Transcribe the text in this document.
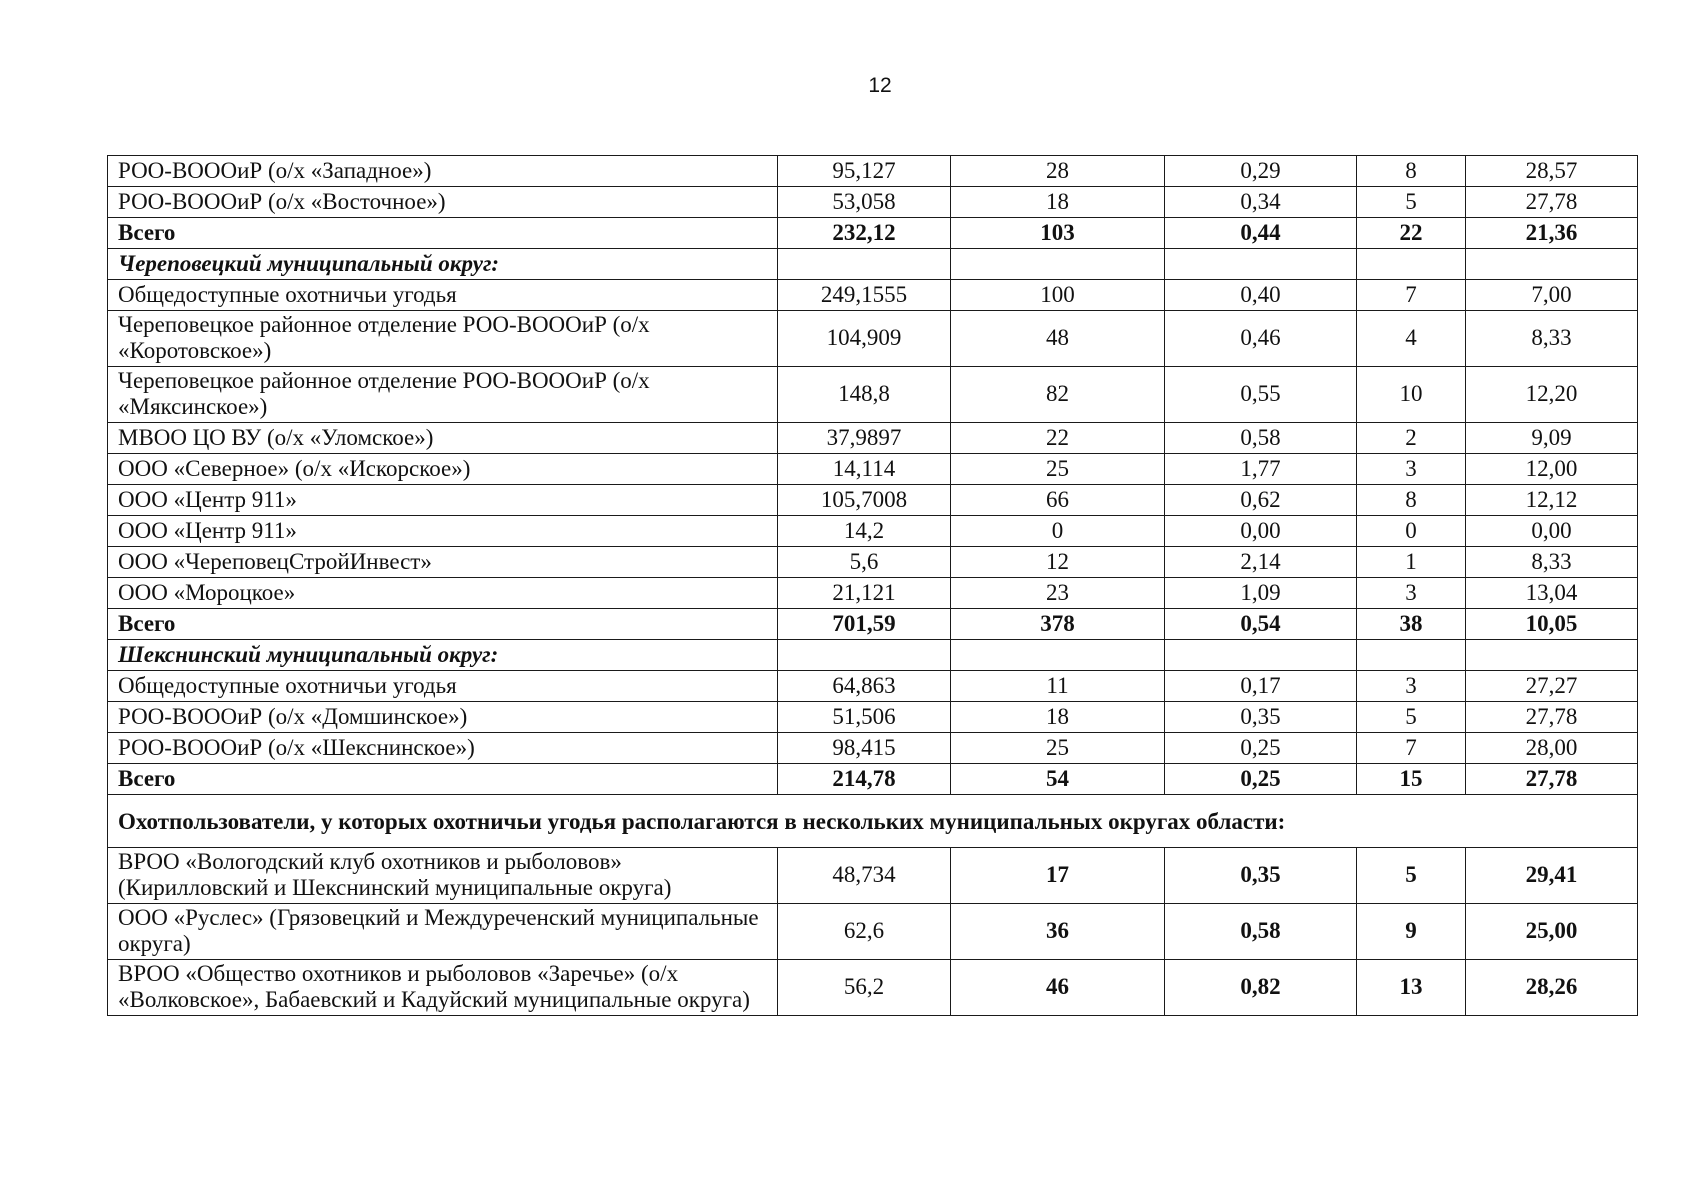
12
РОО-ВОООиР (о/х «Западное»)	95,127	28	0,29	8	28,57
РОО-ВОООиР (о/х «Восточное»)	53,058	18	0,34	5	27,78
Всего	232,12	103	0,44	22	21,36
Череповецкий муниципальный округ:					
Общедоступные охотничьи угодья	249,1555	100	0,40	7	7,00
Череповецкое районное отделение РОО-ВОООиР (о/х «Коротовское»)	104,909	48	0,46	4	8,33
Череповецкое районное отделение РОО-ВОООиР (о/х «Мяксинское»)	148,8	82	0,55	10	12,20
МВОО ЦО ВУ (о/х «Уломское»)	37,9897	22	0,58	2	9,09
ООО «Северное» (о/х «Искорское»)	14,114	25	1,77	3	12,00
ООО «Центр 911»	105,7008	66	0,62	8	12,12
ООО «Центр 911»	14,2	0	0,00	0	0,00
ООО «ЧереповецСтройИнвест»	5,6	12	2,14	1	8,33
ООО «Мороцкое»	21,121	23	1,09	3	13,04
Всего	701,59	378	0,54	38	10,05
Шекснинский муниципальный округ:					
Общедоступные охотничьи угодья	64,863	11	0,17	3	27,27
РОО-ВОООиР (о/х «Домшинское»)	51,506	18	0,35	5	27,78
РОО-ВОООиР (о/х «Шекснинское»)	98,415	25	0,25	7	28,00
Всего	214,78	54	0,25	15	27,78
Охотпользователи, у которых охотничьи угодья располагаются в нескольких муниципальных округах области:					
ВРОО «Вологодский клуб охотников и рыболовов» (Кирилловский и Шекснинский муниципальные округа)	48,734	17	0,35	5	29,41
ООО «Руслес» (Грязовецкий и Междуреченский муниципальные округа)	62,6	36	0,58	9	25,00
ВРОО «Общество охотников и рыболовов «Заречье» (о/х «Волковское», Бабаевский и Кадуйский муниципальные округа)	56,2	46	0,82	13	28,26
